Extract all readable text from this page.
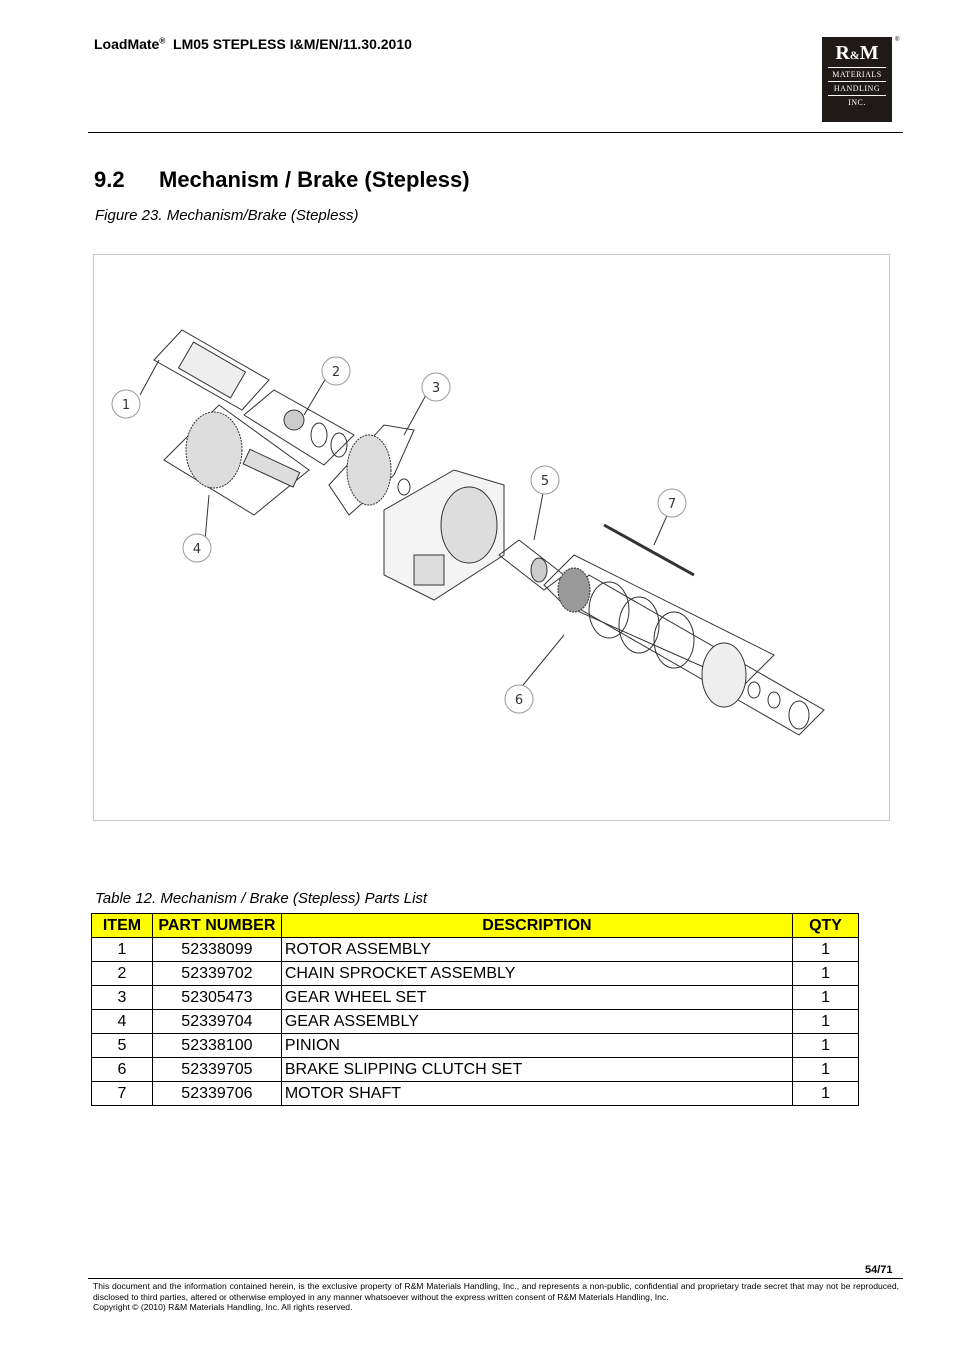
LoadMate® LM05 STEPLESS I&M/EN/11.30.2010	R&M
MATERIALS
HANDLING
INC.
®
9.2 Mechanism / Brake (Stepless)
Figure 23. Mechanism/Brake (Stepless)
1
2
3
4
5
6
7
Table 12. Mechanism / Brake (Stepless) Parts List
ITEM	PART NUMBER	DESCRIPTION	QTY
1	52338099	ROTOR ASSEMBLY	1
2	52339702	CHAIN SPROCKET ASSEMBLY	1
3	52305473	GEAR WHEEL SET	1
4	52339704	GEAR ASSEMBLY	1
5	52338100	PINION	1
6	52339705	BRAKE SLIPPING CLUTCH SET	1
7	52339706	MOTOR SHAFT	1
54/71
This document and the information contained herein, is the exclusive property of R&M Materials Handling, Inc., and represents a non-public, confidential and proprietary trade secret that may not be reproduced, disclosed to third parties, altered or otherwise employed in any manner whatsoever without the express written consent of R&M Materials Handling, Inc.
Copyright © (2010) R&M Materials Handling, Inc. All rights reserved.
